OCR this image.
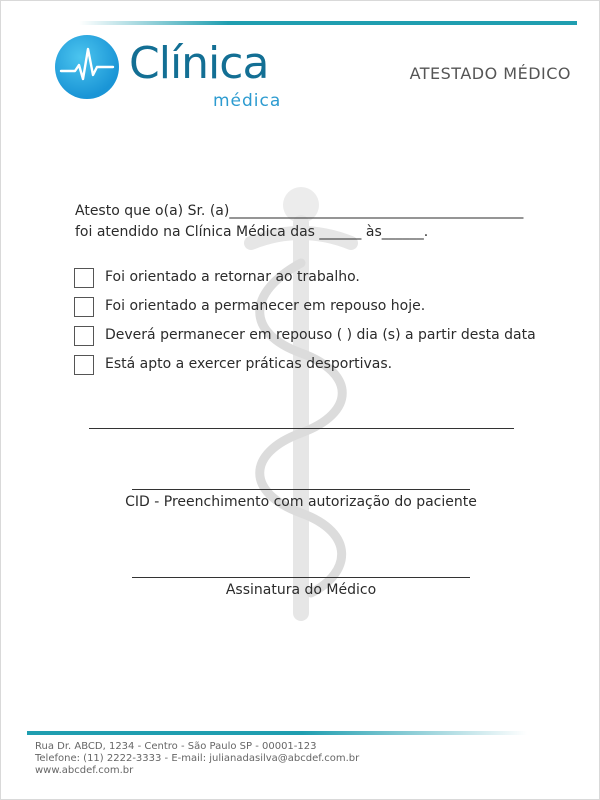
Clínica
médica
ATESTADO MÉDICO
Atesto que o(a) Sr. (a)__________________________________________
foi atendido na Clínica Médica das ______ às______.
Foi orientado a retornar ao trabalho.
Foi orientado a permanecer em repouso hoje.
Deverá permanecer em repouso ( ) dia (s) a partir desta data
Está apto a exercer práticas desportivas.
CID - Preenchimento com autorização do paciente
Assinatura do Médico
Rua Dr. ABCD, 1234 - Centro - São Paulo SP - 00001-123
Telefone: (11) 2222-3333 - E-mail: julianadasilva@abcdef.com.br
www.abcdef.com.br
